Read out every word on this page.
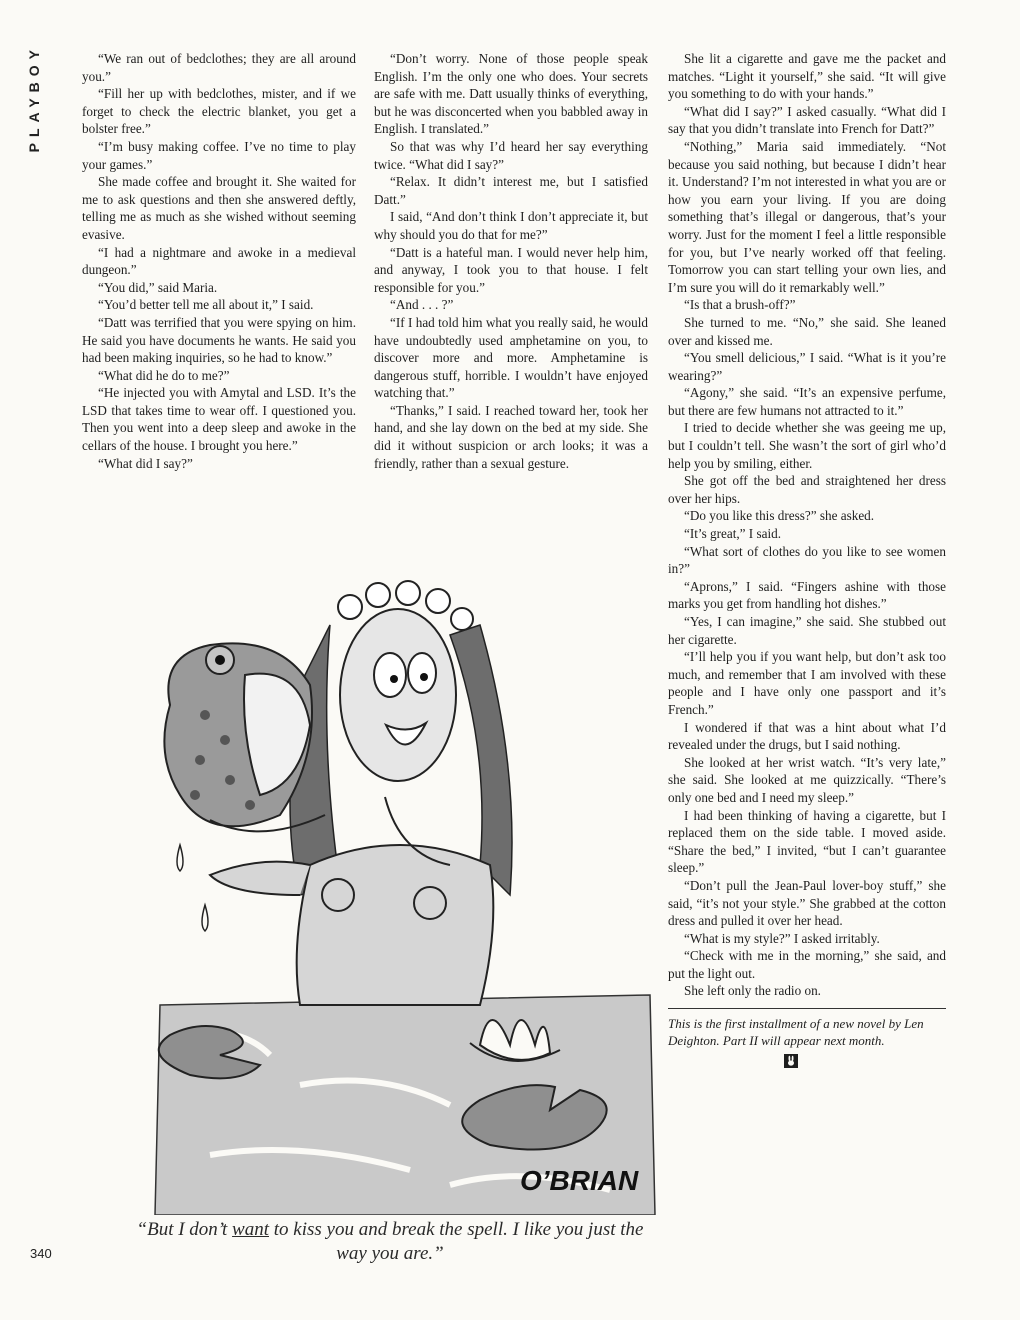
PLAYBOY	“We ran out of bedclothes; they are all around you.”

“Fill her up with bedclothes, mister, and if we forget to check the electric blanket, you get a bolster free.”

“I’m busy making coffee. I’ve no time to play your games.”

She made coffee and brought it. She waited for me to ask questions and then she answered deftly, telling me as much as she wished without seeming evasive.

“I had a nightmare and awoke in a medieval dungeon.”

“You did,” said Maria.

“You’d better tell me all about it,” I said.

“Datt was terrified that you were spying on him. He said you have documents he wants. He said you had been making inquiries, so he had to know.”

“What did he do to me?”

“He injected you with Amytal and LSD. It’s the LSD that takes time to wear off. I questioned you. Then you went into a deep sleep and awoke in the cellars of the house. I brought you here.”

“What did I say?”

“Don’t worry. None of those people speak English. I’m the only one who does. Your secrets are safe with me. Datt usually thinks of everything, but he was disconcerted when you babbled away in English. I translated.”

So that was why I’d heard her say everything twice. “What did I say?”

“Relax. It didn’t interest me, but I satisfied Datt.”

I said, “And don’t think I don’t appreciate it, but why should you do that for me?”

“Datt is a hateful man. I would never help him, and anyway, I took you to that house. I felt responsible for you.”

“And . . . ?”

“If I had told him what you really said, he would have undoubtedly used amphetamine on you, to discover more and more. Amphetamine is dangerous stuff, horrible. I wouldn’t have enjoyed watching that.”

“Thanks,” I said. I reached toward her, took her hand, and she lay down on the bed at my side. She did it without suspicion or arch looks; it was a friendly, rather than a sexual gesture.

She lit a cigarette and gave me the packet and matches. “Light it yourself,” she said. “It will give you something to do with your hands.”

“What did I say?” I asked casually. “What did I say that you didn’t translate into French for Datt?”

“Nothing,” Maria said immediately. “Not because you said nothing, but because I didn’t hear it. Understand? I’m not interested in what you are or how you earn your living. If you are doing something that’s illegal or dangerous, that’s your worry. Just for the moment I feel a little responsible for you, but I’ve nearly worked off that feeling. Tomorrow you can start telling your own lies, and I’m sure you will do it remarkably well.”

“Is that a brush-off?”

She turned to me. “No,” she said. She leaned over and kissed me.

“You smell delicious,” I said. “What is it you’re wearing?”

“Agony,” she said. “It’s an expensive perfume, but there are few humans not attracted to it.”

I tried to decide whether she was geeing me up, but I couldn’t tell. She wasn’t the sort of girl who’d help you by smiling, either.

She got off the bed and straightened her dress over her hips.

“Do you like this dress?” she asked.

“It’s great,” I said.

“What sort of clothes do you like to see women in?”

“Aprons,” I said. “Fingers ashine with those marks you get from handling hot dishes.”

“Yes, I can imagine,” she said. She stubbed out her cigarette.

“I’ll help you if you want help, but don’t ask too much, and remember that I am involved with these people and I have only one passport and it’s French.”

I wondered if that was a hint about what I’d revealed under the drugs, but I said nothing.

She looked at her wrist watch. “It’s very late,” she said. She looked at me quizzically. “There’s only one bed and I need my sleep.”

I had been thinking of having a cigarette, but I replaced them on the side table. I moved aside. “Share the bed,” I invited, “but I can’t guarantee sleep.”

“Don’t pull the Jean-Paul lover-boy stuff,” she said, “it’s not your style.” She grabbed at the cotton dress and pulled it over her head.

“What is my style?” I asked irritably.

“Check with me in the morning,” she said, and put the light out.

She left only the radio on.

This is the first installment of a new novel by Len Deighton. Part II will appear next month.
O’BRIAN
“But I don’t want to kiss you and break the spell. I like you just the way you are.”
340
